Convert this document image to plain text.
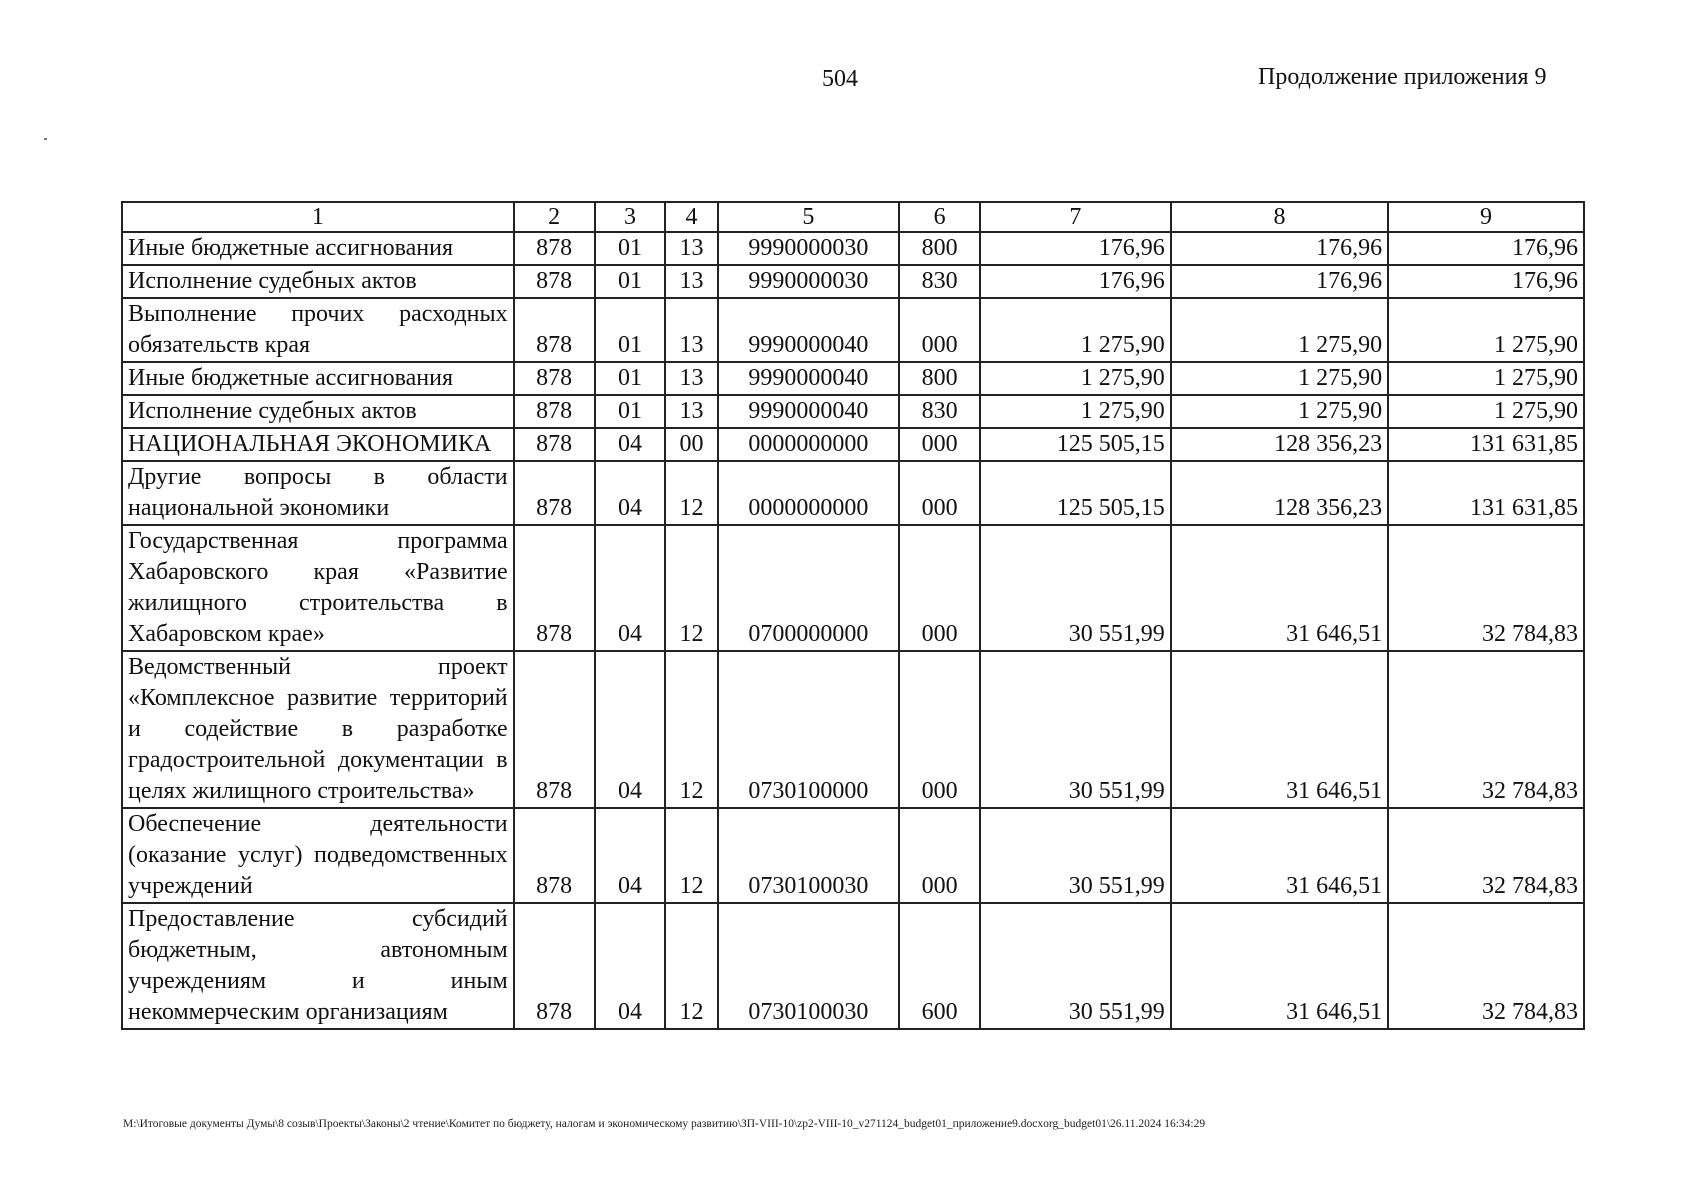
504	Продолжение приложения 9
1	2	3	4	5	6	7	8	9
Иные бюджетные ассигнования	878	01	13	9990000030	800	176,96	176,96	176,96
Исполнение судебных актов	878	01	13	9990000030	830	176,96	176,96	176,96
Выполнение прочих расходных обязательств края	878	01	13	9990000040	000	1 275,90	1 275,90	1 275,90
Иные бюджетные ассигнования	878	01	13	9990000040	800	1 275,90	1 275,90	1 275,90
Исполнение судебных актов	878	01	13	9990000040	830	1 275,90	1 275,90	1 275,90
НАЦИОНАЛЬНАЯ ЭКОНОМИКА	878	04	00	0000000000	000	125 505,15	128 356,23	131 631,85
Другие вопросы в области национальной экономики	878	04	12	0000000000	000	125 505,15	128 356,23	131 631,85
Государственная программа Хабаровского края «Развитие жилищного строительства в Хабаровском крае»	878	04	12	0700000000	000	30 551,99	31 646,51	32 784,83
Ведомственный проект «Комплексное развитие территорий и содействие в разработке градостроительной документации в целях жилищного строительства»	878	04	12	0730100000	000	30 551,99	31 646,51	32 784,83
Обеспечение деятельности (оказание услуг) подведомственных учреждений	878	04	12	0730100030	000	30 551,99	31 646,51	32 784,83
Предоставление субсидий бюджетным, автономным учреждениям и иным некоммерческим организациям	878	04	12	0730100030	600	30 551,99	31 646,51	32 784,83
M:\Итоговые документы Думы\8 созыв\Проекты\Законы\2 чтение\Комитет по бюджету, налогам и экономическому развитию\ЗП-VIII-10\zp2-VIII-10_v271124_budget01_приложение9.docxorg_budget01\26.11.2024 16:34:29
